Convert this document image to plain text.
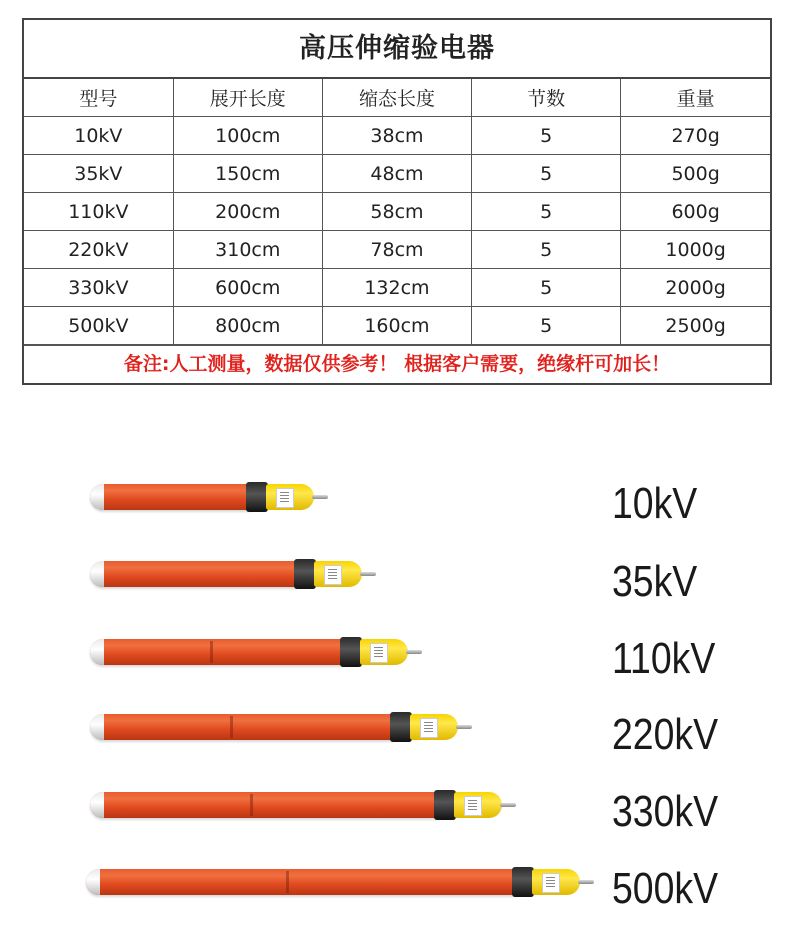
高压伸缩验电器
型号	展开长度	缩态长度	节数	重量
10kV	100cm	38cm	5	270g
35kV	150cm	48cm	5	500g
110kV	200cm	58cm	5	600g
220kV	310cm	78cm	5	1000g
330kV	600cm	132cm	5	2000g
500kV	800cm	160cm	5	2500g
备注:人工测量，数据仅供参考！ 根据客户需要，绝缘杆可加长！
10kV
35kV
110kV
220kV
330kV
500kV
